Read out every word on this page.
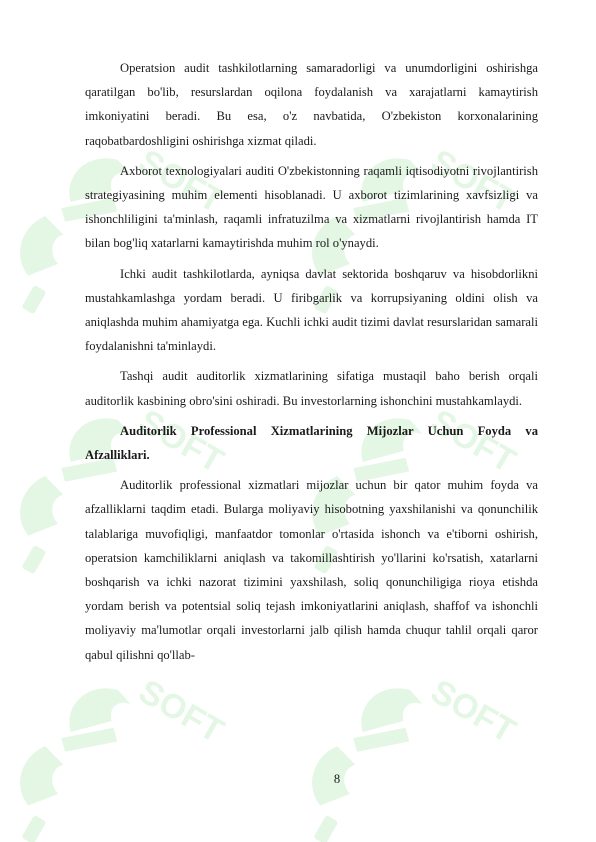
SOFT	SOFT
SOFT	SOFT
SOFT	SOFT

Operatsion audit tashkilotlarning samaradorligi va unumdorligini oshirishga qaratilgan bo'lib, resurslardan oqilona foydalanish va xarajatlarni kamaytirish imkoniyatini beradi. Bu esa, o'z navbatida, O'zbekiston korxonalarining raqobatbardoshligini oshirishga xizmat qiladi.

Axborot texnologiyalari auditi O'zbekistonning raqamli iqtisodiyotni rivojlantirish strategiyasining muhim elementi hisoblanadi. U axborot tizimlarining xavfsizligi va ishonchliligini ta'minlash, raqamli infratuzilma va xizmatlarni rivojlantirish hamda IT bilan bog'liq xatarlarni kamaytirishda muhim rol o'ynaydi.

Ichki audit tashkilotlarda, ayniqsa davlat sektorida boshqaruv va hisobdorlikni mustahkamlashga yordam beradi. U firibgarlik va korrupsiyaning oldini olish va aniqlashda muhim ahamiyatga ega. Kuchli ichki audit tizimi davlat resurslaridan samarali foydalanishni ta'minlaydi.

Tashqi audit auditorlik xizmatlarining sifatiga mustaqil baho berish orqali auditorlik kasbining obro'sini oshiradi. Bu investorlarning ishonchini mustahkamlaydi.

Auditorlik Professional Xizmatlarining Mijozlar Uchun Foyda va Afzalliklari.

Auditorlik professional xizmatlari mijozlar uchun bir qator muhim foyda va afzalliklarni taqdim etadi. Bularga moliyaviy hisobotning yaxshilanishi va qonunchilik talablariga muvofiqligi, manfaatdor tomonlar o'rtasida ishonch va e'tiborni oshirish, operatsion kamchiliklarni aniqlash va takomillashtirish yo'llarini ko'rsatish, xatarlarni boshqarish va ichki nazorat tizimini yaxshilash, soliq qonunchiligiga rioya etishda yordam berish va potentsial soliq tejash imkoniyatlarini aniqlash, shaffof va ishonchli moliyaviy ma'lumotlar orqali investorlarni jalb qilish hamda chuqur tahlil orqali qaror qabul qilishni qo'llab-

8
